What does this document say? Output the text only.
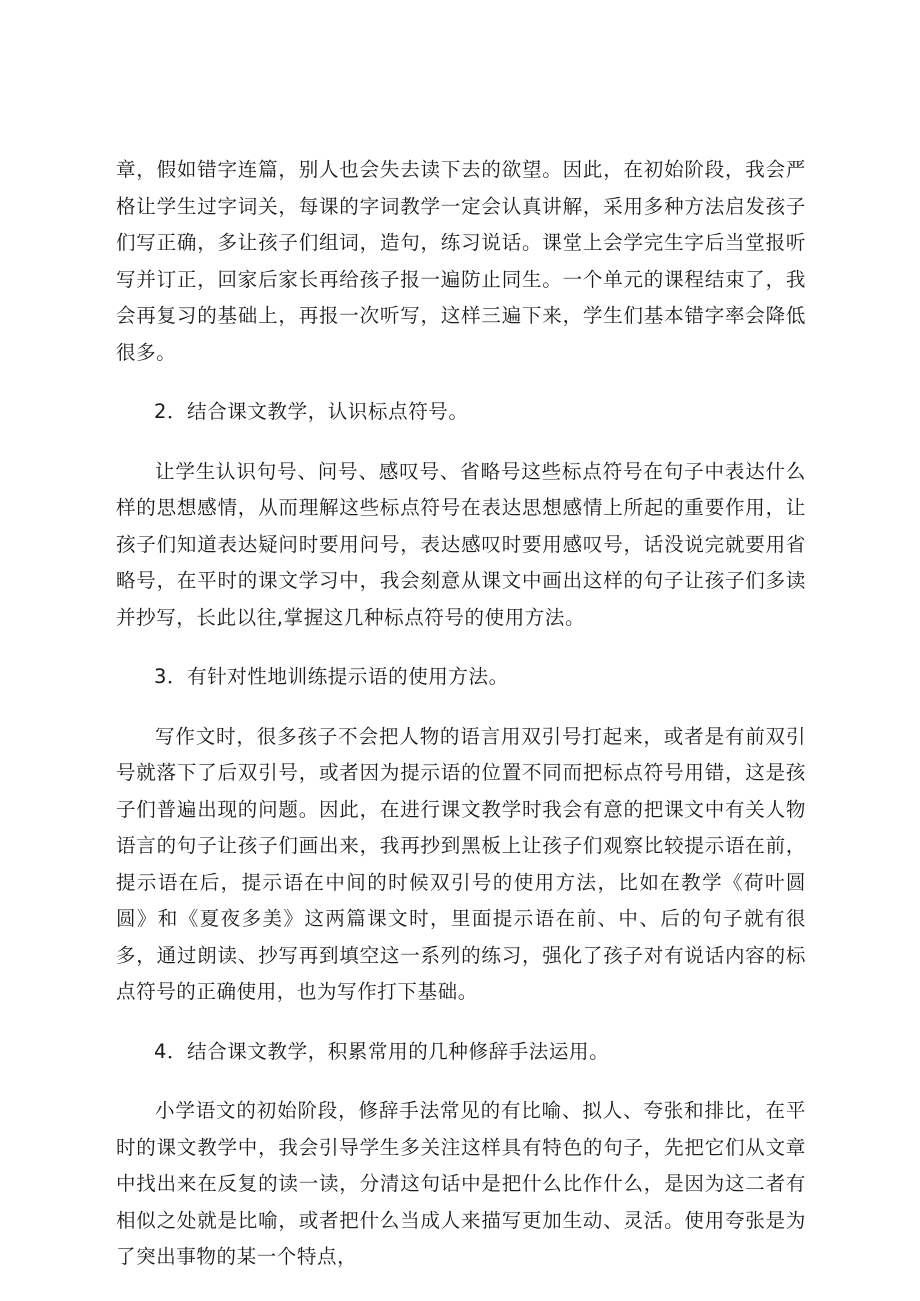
章，假如错字连篇，别人也会失去读下去的欲望。因此，在初始阶段，我会严格让学生过字词关，每课的字词教学一定会认真讲解，采用多种方法启发孩子们写正确，多让孩子们组词，造句，练习说话。课堂上会学完生字后当堂报听写并订正，回家后家长再给孩子报一遍防止同生。一个单元的课程结束了，我会再复习的基础上，再报一次听写，这样三遍下来，学生们基本错字率会降低很多。

2．结合课文教学，认识标点符号。

让学生认识句号、问号、感叹号、省略号这些标点符号在句子中表达什么样的思想感情，从而理解这些标点符号在表达思想感情上所起的重要作用，让孩子们知道表达疑问时要用问号，表达感叹时要用感叹号，话没说完就要用省略号，在平时的课文学习中，我会刻意从课文中画出这样的句子让孩子们多读并抄写，长此以往,掌握这几种标点符号的使用方法。

3．有针对性地训练提示语的使用方法。

写作文时，很多孩子不会把人物的语言用双引号打起来，或者是有前双引号就落下了后双引号，或者因为提示语的位置不同而把标点符号用错，这是孩子们普遍出现的问题。因此，在进行课文教学时我会有意的把课文中有关人物语言的句子让孩子们画出来，我再抄到黑板上让孩子们观察比较提示语在前，提示语在后，提示语在中间的时候双引号的使用方法，比如在教学《荷叶圆圆》和《夏夜多美》这两篇课文时，里面提示语在前、中、后的句子就有很多，通过朗读、抄写再到填空这一系列的练习，强化了孩子对有说话内容的标点符号的正确使用，也为写作打下基础。

4．结合课文教学，积累常用的几种修辞手法运用。

小学语文的初始阶段，修辞手法常见的有比喻、拟人、夸张和排比，在平时的课文教学中，我会引导学生多关注这样具有特色的句子，先把它们从文章中找出来在反复的读一读，分清这句话中是把什么比作什么，是因为这二者有相似之处就是比喻，或者把什么当成人来描写更加生动、灵活。使用夸张是为了突出事物的某一个特点，
